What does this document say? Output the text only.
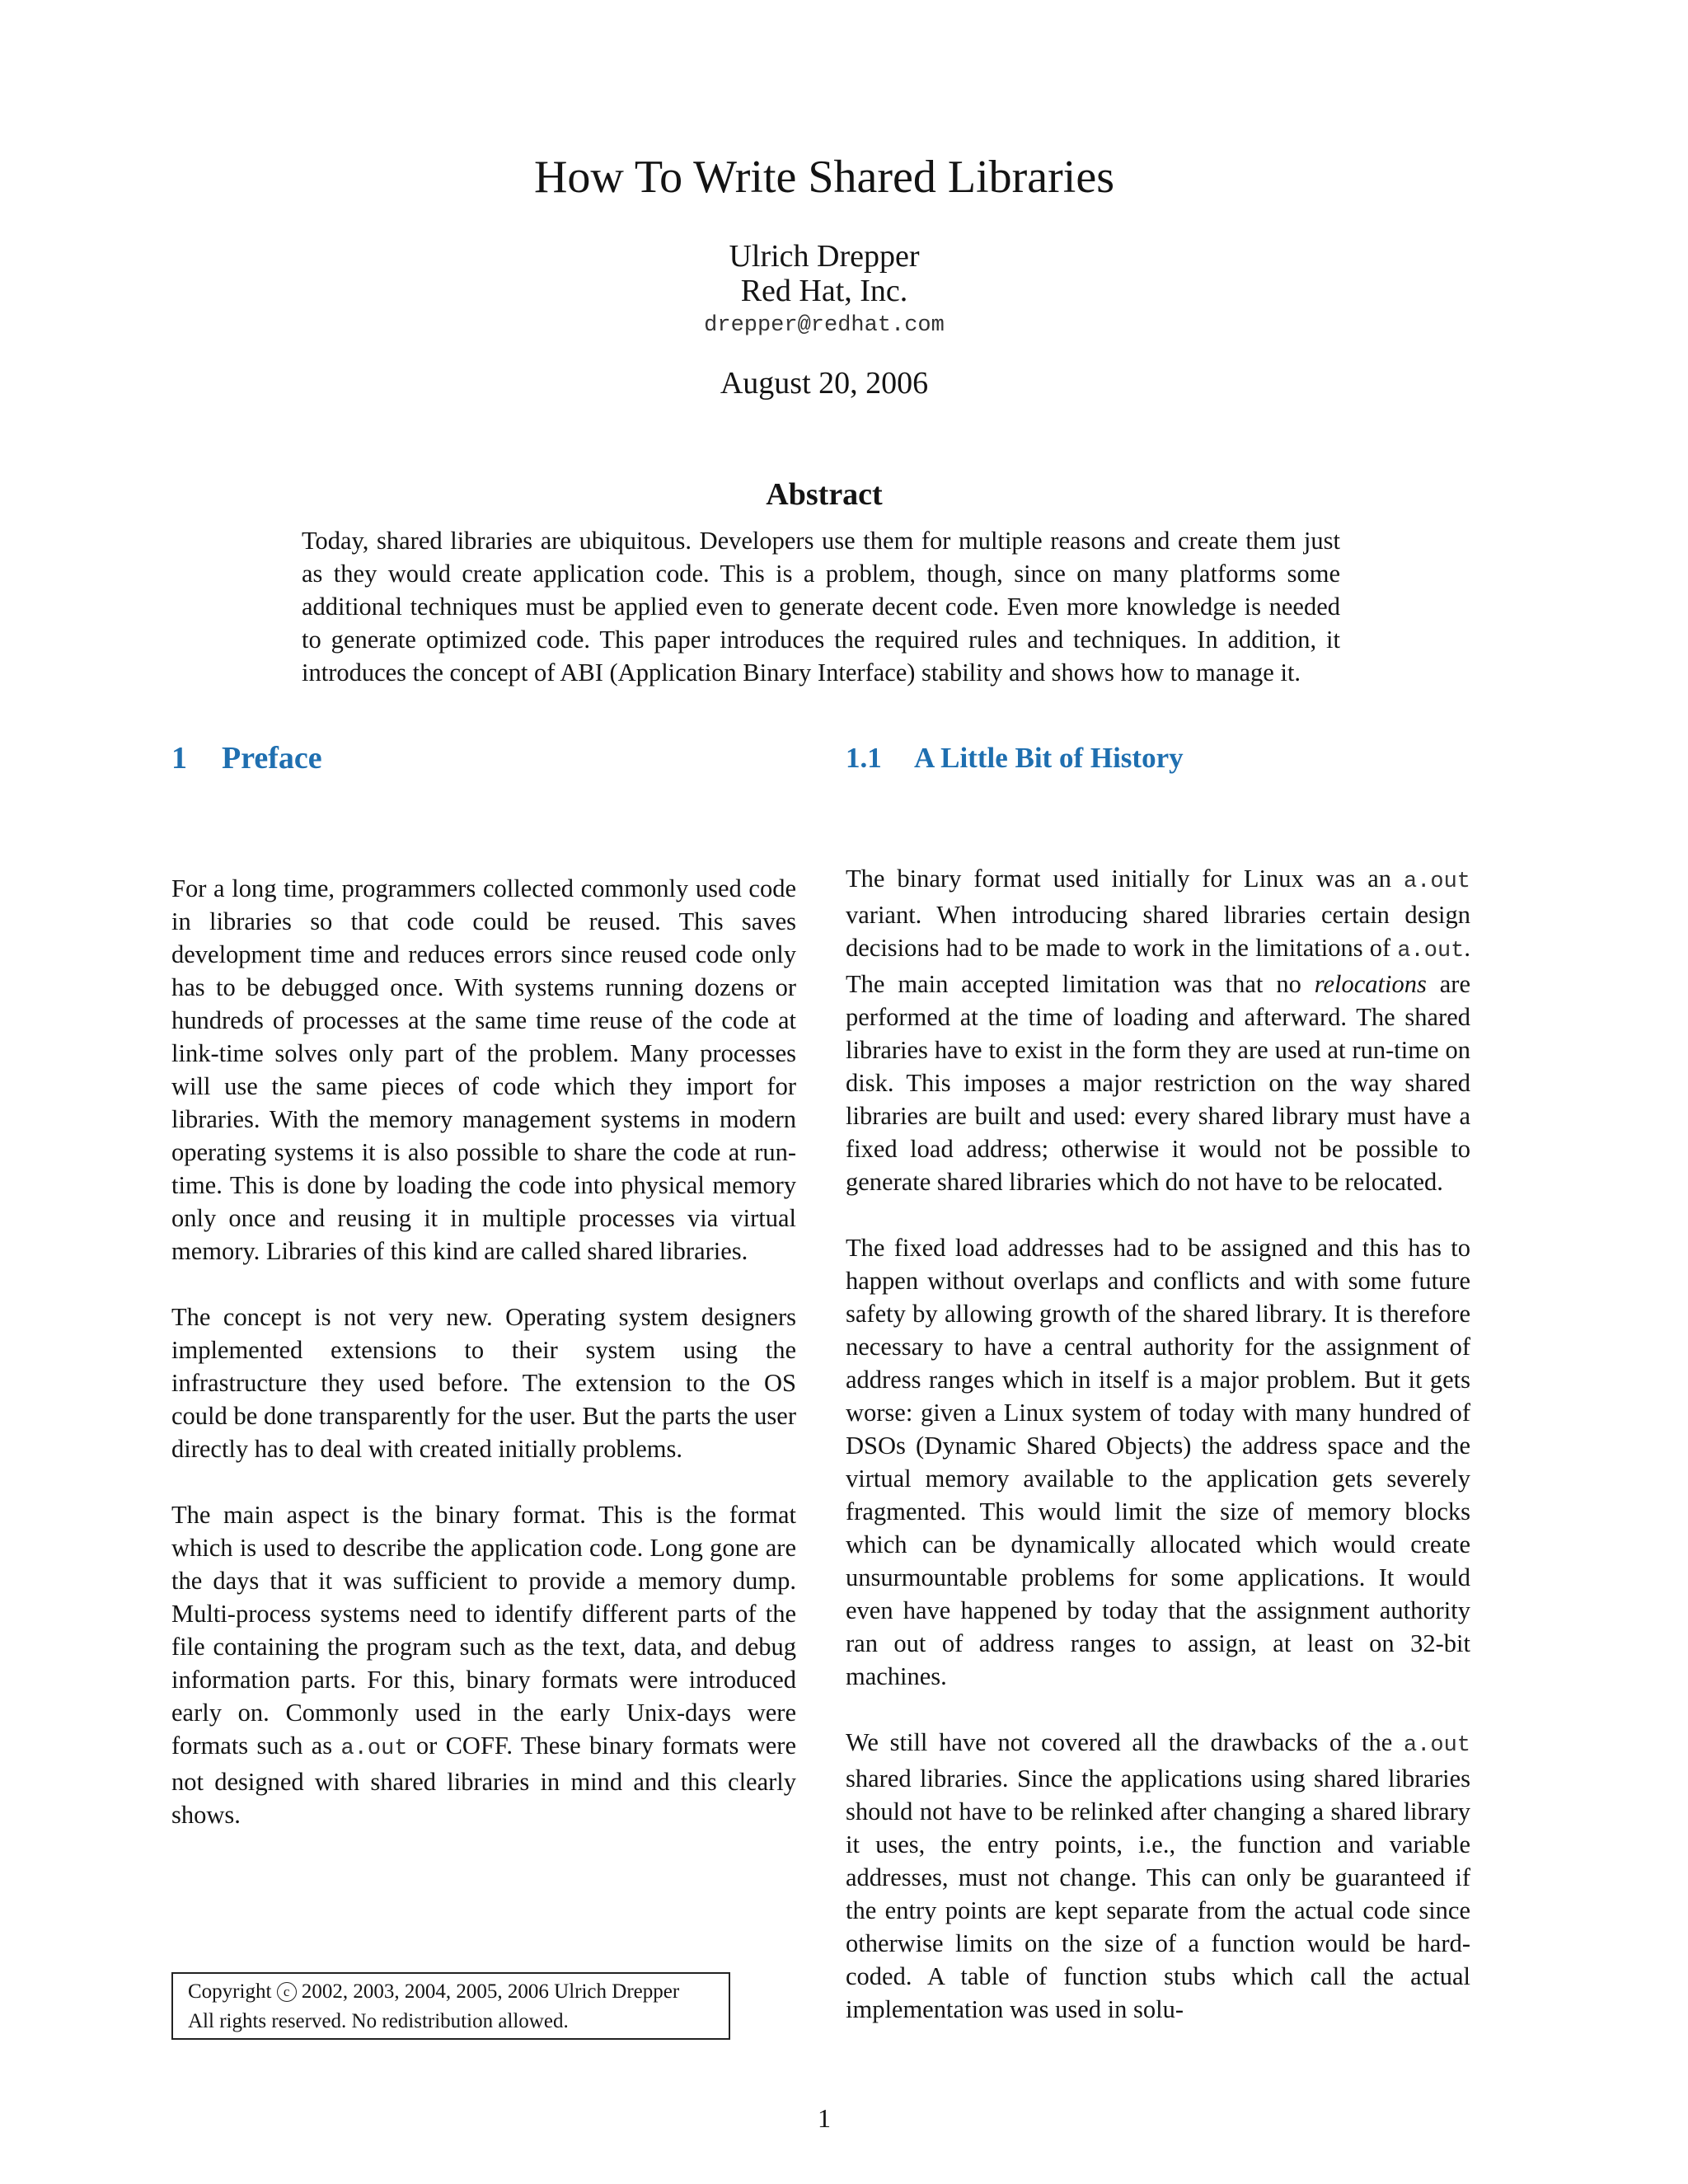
How To Write Shared Libraries
Ulrich Drepper
Red Hat, Inc.
drepper@redhat.com
August 20, 2006
Abstract
Today, shared libraries are ubiquitous. Developers use them for multiple reasons and create them just as they would create application code. This is a problem, though, since on many platforms some additional techniques must be applied even to generate decent code. Even more knowledge is needed to generate optimized code. This paper introduces the required rules and techniques. In addition, it introduces the concept of ABI (Application Binary Interface) stability and shows how to manage it.
1 Preface	1.1 A Little Bit of History

For a long time, programmers collected commonly used code in libraries so that code could be reused. This saves development time and reduces errors since reused code only has to be debugged once. With systems running dozens or hundreds of processes at the same time reuse of the code at link-time solves only part of the problem. Many processes will use the same pieces of code which they import for libraries. With the memory management systems in modern operating systems it is also possible to share the code at run-time. This is done by loading the code into physical memory only once and reusing it in multiple processes via virtual memory. Libraries of this kind are called shared libraries.

The concept is not very new. Operating system designers implemented extensions to their system using the infrastructure they used before. The extension to the OS could be done transparently for the user. But the parts the user directly has to deal with created initially problems.

The main aspect is the binary format. This is the format which is used to describe the application code. Long gone are the days that it was sufficient to provide a memory dump. Multi-process systems need to identify different parts of the file containing the program such as the text, data, and debug information parts. For this, binary formats were introduced early on. Commonly used in the early Unix-days were formats such as a.out or COFF. These binary formats were not designed with shared libraries in mind and this clearly shows.

The binary format used initially for Linux was an a.out variant. When introducing shared libraries certain design decisions had to be made to work in the limitations of a.out. The main accepted limitation was that no relocations are performed at the time of loading and afterward. The shared libraries have to exist in the form they are used at run-time on disk. This imposes a major restriction on the way shared libraries are built and used: every shared library must have a fixed load address; otherwise it would not be possible to generate shared libraries which do not have to be relocated.

The fixed load addresses had to be assigned and this has to happen without overlaps and conflicts and with some future safety by allowing growth of the shared library. It is therefore necessary to have a central authority for the assignment of address ranges which in itself is a major problem. But it gets worse: given a Linux system of today with many hundred of DSOs (Dynamic Shared Objects) the address space and the virtual memory available to the application gets severely fragmented. This would limit the size of memory blocks which can be dynamically allocated which would create unsurmountable problems for some applications. It would even have happened by today that the assignment authority ran out of address ranges to assign, at least on 32-bit machines.

We still have not covered all the drawbacks of the a.out shared libraries. Since the applications using shared libraries should not have to be relinked after changing a shared library it uses, the entry points, i.e., the function and variable addresses, must not change. This can only be guaranteed if the entry points are kept separate from the actual code since otherwise limits on the size of a function would be hard-coded. A table of function stubs which call the actual implementation was used in solu-

Copyright c 2002, 2003, 2004, 2005, 2006 Ulrich Drepper
All rights reserved. No redistribution allowed.
1
